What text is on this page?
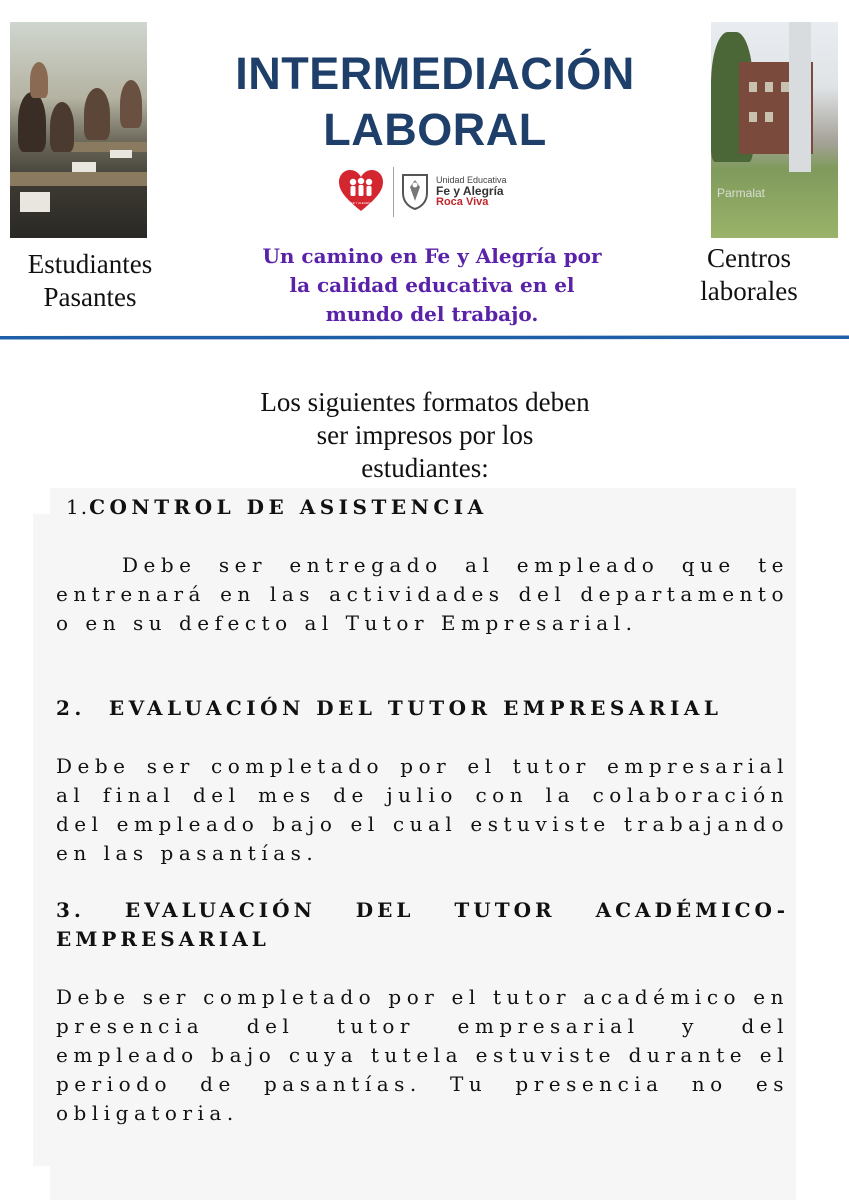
Parmalat
Estudiantes
Pasantes
Centros
laborales
INTERMEDIACIÓN
LABORAL
FE Y ALEGRÍA
Unidad Educativa
Fe y Alegría
Roca Viva
Un camino en Fe y Alegría por
la calidad educativa en el
mundo del trabajo.
Los siguientes formatos deben
ser impresos por los
estudiantes:
1.CONTROL DE ASISTENCIA
Debe ser entregado al empleado que te entrenará en las actividades del departamento o en su defecto al Tutor Empresarial.
2. EVALUACIÓN DEL TUTOR EMPRESARIAL
Debe ser completado por el tutor empresarial al final del mes de julio con la colaboración del empleado bajo el cual estuviste trabajando en las pasantías.
3. EVALUACIÓN DEL TUTOR ACADÉMICO-EMPRESARIAL
Debe ser completado por el tutor académico en presencia del tutor empresarial y del empleado bajo cuya tutela estuviste durante el periodo de pasantías. Tu presencia no es obligatoria.
